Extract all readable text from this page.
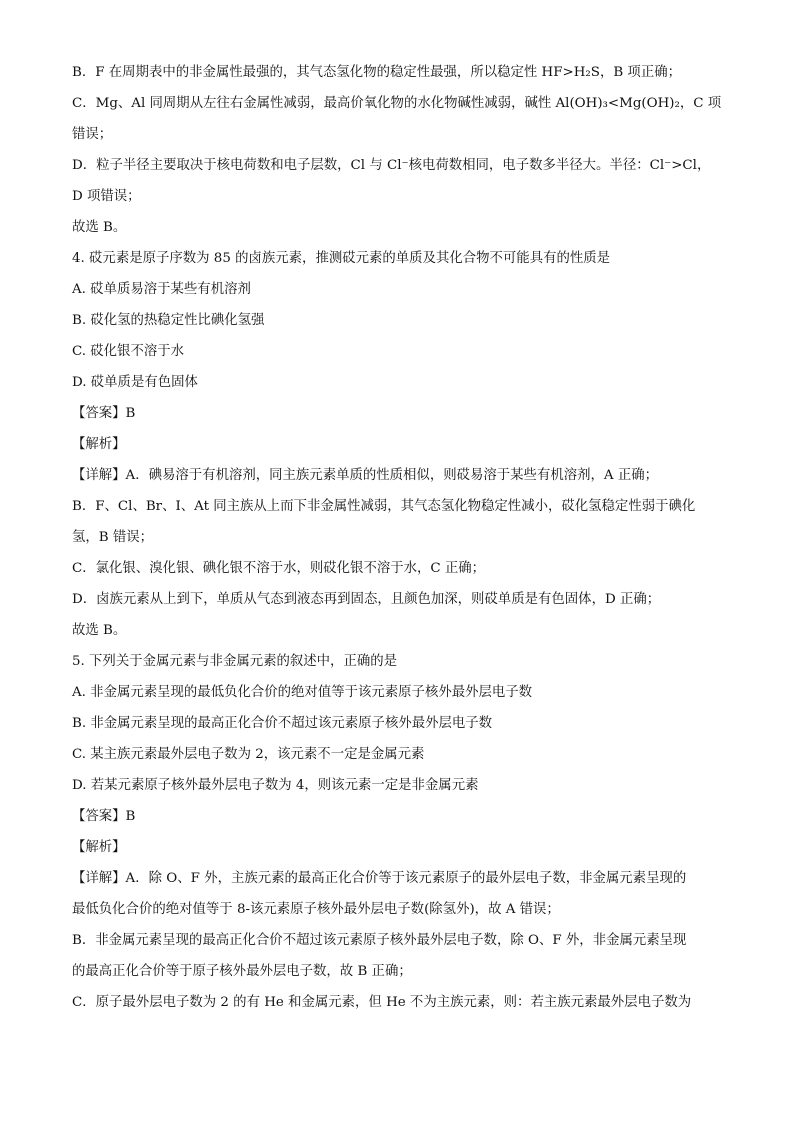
B．F 在周期表中的非金属性最强的，其气态氢化物的稳定性最强，所以稳定性 HF>H₂S，B 项正确；
C．Mg、Al 同周期从左往右金属性减弱，最高价氧化物的水化物碱性减弱，碱性 Al(OH)₃<Mg(OH)₂，C 项
错误；
D．粒子半径主要取决于核电荷数和电子层数，Cl 与 Cl⁻核电荷数相同，电子数多半径大。半径：Cl⁻>Cl，
D 项错误；
故选 B。
4. 砹元素是原子序数为 85 的卤族元素，推测砹元素的单质及其化合物不可能具有的性质是
A. 砹单质易溶于某些有机溶剂
B. 砹化氢的热稳定性比碘化氢强
C. 砹化银不溶于水
D. 砹单质是有色固体
【答案】B
【解析】
【详解】A．碘易溶于有机溶剂，同主族元素单质的性质相似，则砹易溶于某些有机溶剂，A 正确；
B．F、Cl、Br、I、At 同主族从上而下非金属性减弱，其气态氢化物稳定性减小，砹化氢稳定性弱于碘化
氢，B 错误；
C．氯化银、溴化银、碘化银不溶于水，则砹化银不溶于水，C 正确；
D．卤族元素从上到下，单质从气态到液态再到固态，且颜色加深，则砹单质是有色固体，D 正确；
故选 B。
5. 下列关于金属元素与非金属元素的叙述中，正确的是
A. 非金属元素呈现的最低负化合价的绝对值等于该元素原子核外最外层电子数
B. 非金属元素呈现的最高正化合价不超过该元素原子核外最外层电子数
C. 某主族元素最外层电子数为 2，该元素不一定是金属元素
D. 若某元素原子核外最外层电子数为 4，则该元素一定是非金属元素
【答案】B
【解析】
【详解】A．除 O、F 外，主族元素的最高正化合价等于该元素原子的最外层电子数，非金属元素呈现的
最低负化合价的绝对值等于 8-该元素原子核外最外层电子数(除氢外)，故 A 错误；
B．非金属元素呈现的最高正化合价不超过该元素原子核外最外层电子数，除 O、F 外，非金属元素呈现
的最高正化合价等于原子核外最外层电子数，故 B 正确；
C．原子最外层电子数为 2 的有 He 和金属元素，但 He 不为主族元素，则：若主族元素最外层电子数为
